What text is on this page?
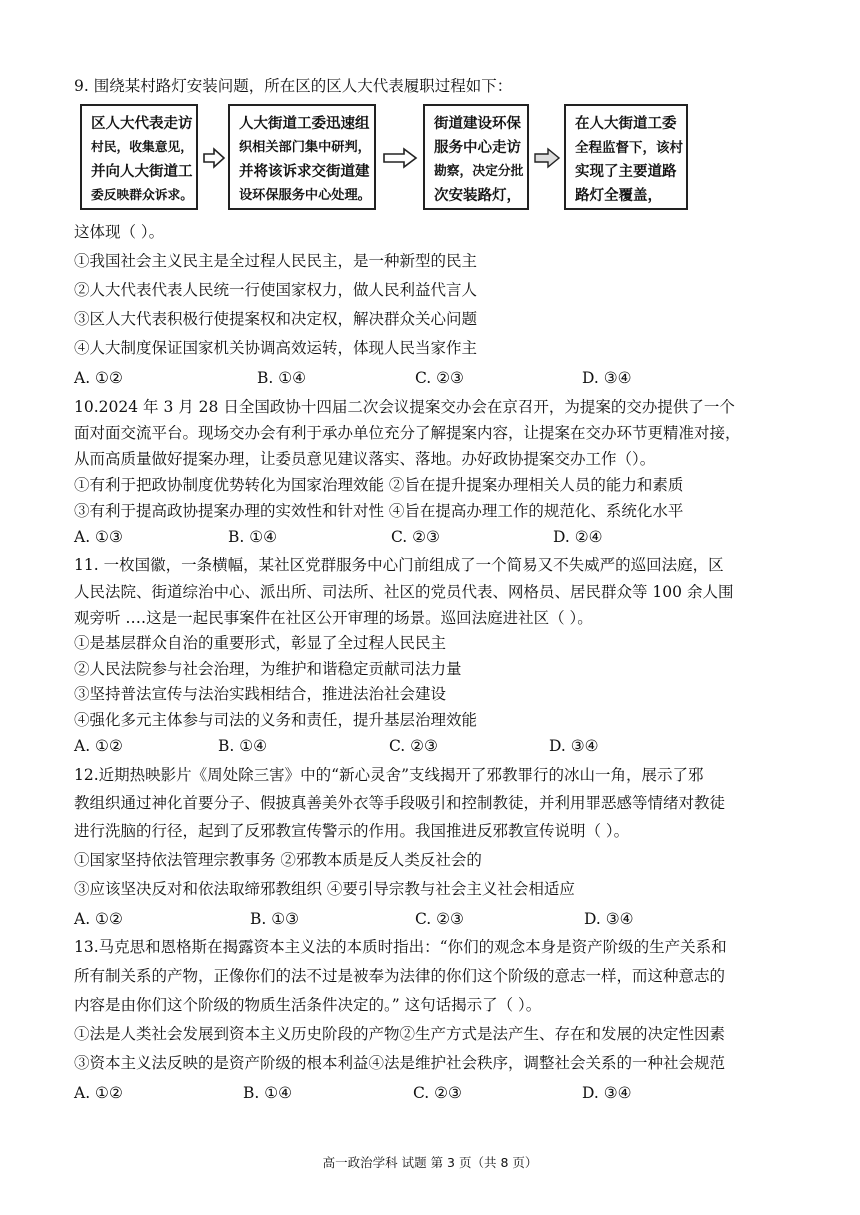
9. 围绕某村路灯安装问题，所在区的区人大代表履职过程如下：
区人大代表走访
村民，收集意见，
并向人大街道工
委反映群众诉求。
人大街道工委迅速组
织相关部门集中研判，
并将该诉求交街道建
设环保服务中心处理。
街道建设环保
服务中心走访
勘察，决定分批
次安装路灯，
在人大街道工委
全程监督下，该村
实现了主要道路
路灯全覆盖，
这体现（ ）。
①我国社会主义民主是全过程人民民主，是一种新型的民主
②人大代表代表人民统一行使国家权力，做人民利益代言人
③区人大代表积极行使提案权和决定权，解决群众关心问题
④人大制度保证国家机关协调高效运转，体现人民当家作主
A. ①②	B. ①④	C. ②③	D. ③④
10.2024 年 3 月 28 日全国政协十四届二次会议提案交办会在京召开，为提案的交办提供了一个
面对面交流平台。现场交办会有利于承办单位充分了解提案内容，让提案在交办环节更精准对接，
从而高质量做好提案办理，让委员意见建议落实、落地。办好政协提案交办工作（）。
①有利于把政协制度优势转化为国家治理效能 ②旨在提升提案办理相关人员的能力和素质
③有利于提高政协提案办理的实效性和针对性 ④旨在提高办理工作的规范化、系统化水平
A. ①③	B. ①④	C. ②③	D. ②④
11. 一枚国徽，一条横幅，某社区党群服务中心门前组成了一个简易又不失威严的巡回法庭，区
人民法院、街道综治中心、派出所、司法所、社区的党员代表、网格员、居民群众等 100 余人围
观旁听 ‥‥这是一起民事案件在社区公开审理的场景。巡回法庭进社区（ ）。
①是基层群众自治的重要形式，彰显了全过程人民民主
②人民法院参与社会治理，为维护和谐稳定贡献司法力量
③坚持普法宣传与法治实践相结合，推进法治社会建设
④强化多元主体参与司法的义务和责任，提升基层治理效能
A. ①②	B. ①④	C. ②③	D. ③④
12.近期热映影片《周处除三害》中的“新心灵舍”支线揭开了邪教罪行的冰山一角，展示了邪
教组织通过神化首要分子、假披真善美外衣等手段吸引和控制教徒，并利用罪恶感等情绪对教徒
进行洗脑的行径，起到了反邪教宣传警示的作用。我国推进反邪教宣传说明（ ）。
①国家坚持依法管理宗教事务 ②邪教本质是反人类反社会的
③应该坚决反对和依法取缔邪教组织 ④要引导宗教与社会主义社会相适应
A. ①②	B. ①③	C. ②③	D. ③④
13.马克思和恩格斯在揭露资本主义法的本质时指出：“你们的观念本身是资产阶级的生产关系和
所有制关系的产物，正像你们的法不过是被奉为法律的你们这个阶级的意志一样，而这种意志的
内容是由你们这个阶级的物质生活条件决定的。” 这句话揭示了（ ）。
①法是人类社会发展到资本主义历史阶段的产物②生产方式是法产生、存在和发展的决定性因素
③资本主义法反映的是资产阶级的根本利益④法是维护社会秩序，调整社会关系的一种社会规范
A. ①②	B. ①④	C. ②③	D. ③④
高一政治学科 试题 第 3 页（共 8 页）
